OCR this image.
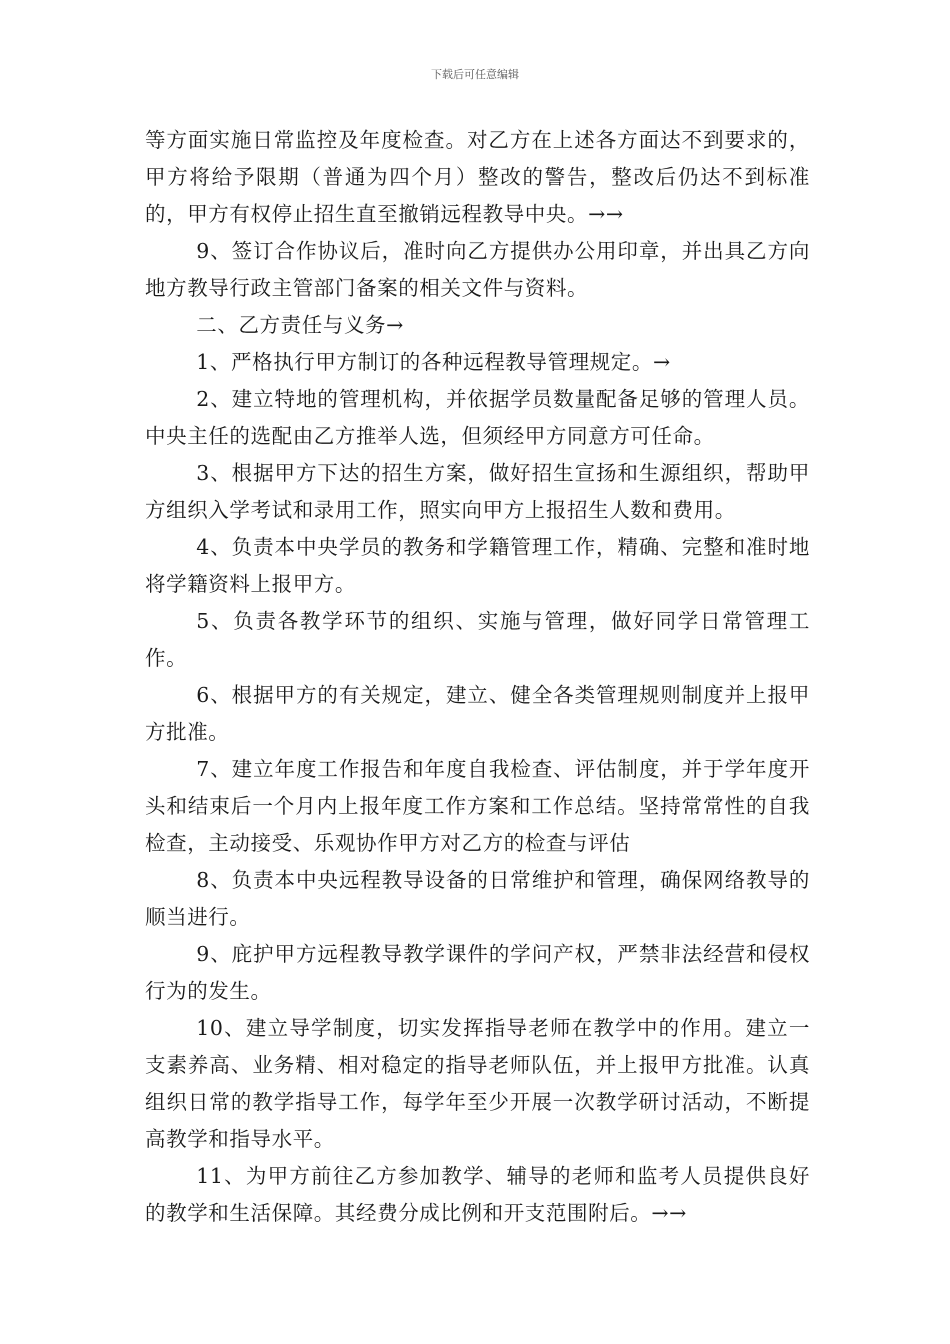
下载后可任意编辑

等方面实施日常监控及年度检查。对乙方在上述各方面达不到要求的，甲方将给予限期（普通为四个月）整改的警告，整改后仍达不到标准的，甲方有权停止招生直至撤销远程教导中央。→→

9、签订合作协议后，准时向乙方提供办公用印章，并出具乙方向地方教导行政主管部门备案的相关文件与资料。

二、乙方责任与义务→

1、严格执行甲方制订的各种远程教导管理规定。→

2、建立特地的管理机构，并依据学员数量配备足够的管理人员。中央主任的选配由乙方推举人选，但须经甲方同意方可任命。

3、根据甲方下达的招生方案，做好招生宣扬和生源组织，帮助甲方组织入学考试和录用工作，照实向甲方上报招生人数和费用。

4、负责本中央学员的教务和学籍管理工作，精确、完整和准时地将学籍资料上报甲方。

5、负责各教学环节的组织、实施与管理，做好同学日常管理工作。

6、根据甲方的有关规定，建立、健全各类管理规则制度并上报甲方批准。

7、建立年度工作报告和年度自我检查、评估制度，并于学年度开头和结束后一个月内上报年度工作方案和工作总结。坚持常常性的自我检查，主动接受、乐观协作甲方对乙方的检查与评估

8、负责本中央远程教导设备的日常维护和管理，确保网络教导的顺当进行。

9、庇护甲方远程教导教学课件的学问产权，严禁非法经营和侵权行为的发生。

10、建立导学制度，切实发挥指导老师在教学中的作用。建立一支素养高、业务精、相对稳定的指导老师队伍，并上报甲方批准。认真组织日常的教学指导工作，每学年至少开展一次教学研讨活动，不断提高教学和指导水平。

11、为甲方前往乙方参加教学、辅导的老师和监考人员提供良好的教学和生活保障。其经费分成比例和开支范围附后。→→
